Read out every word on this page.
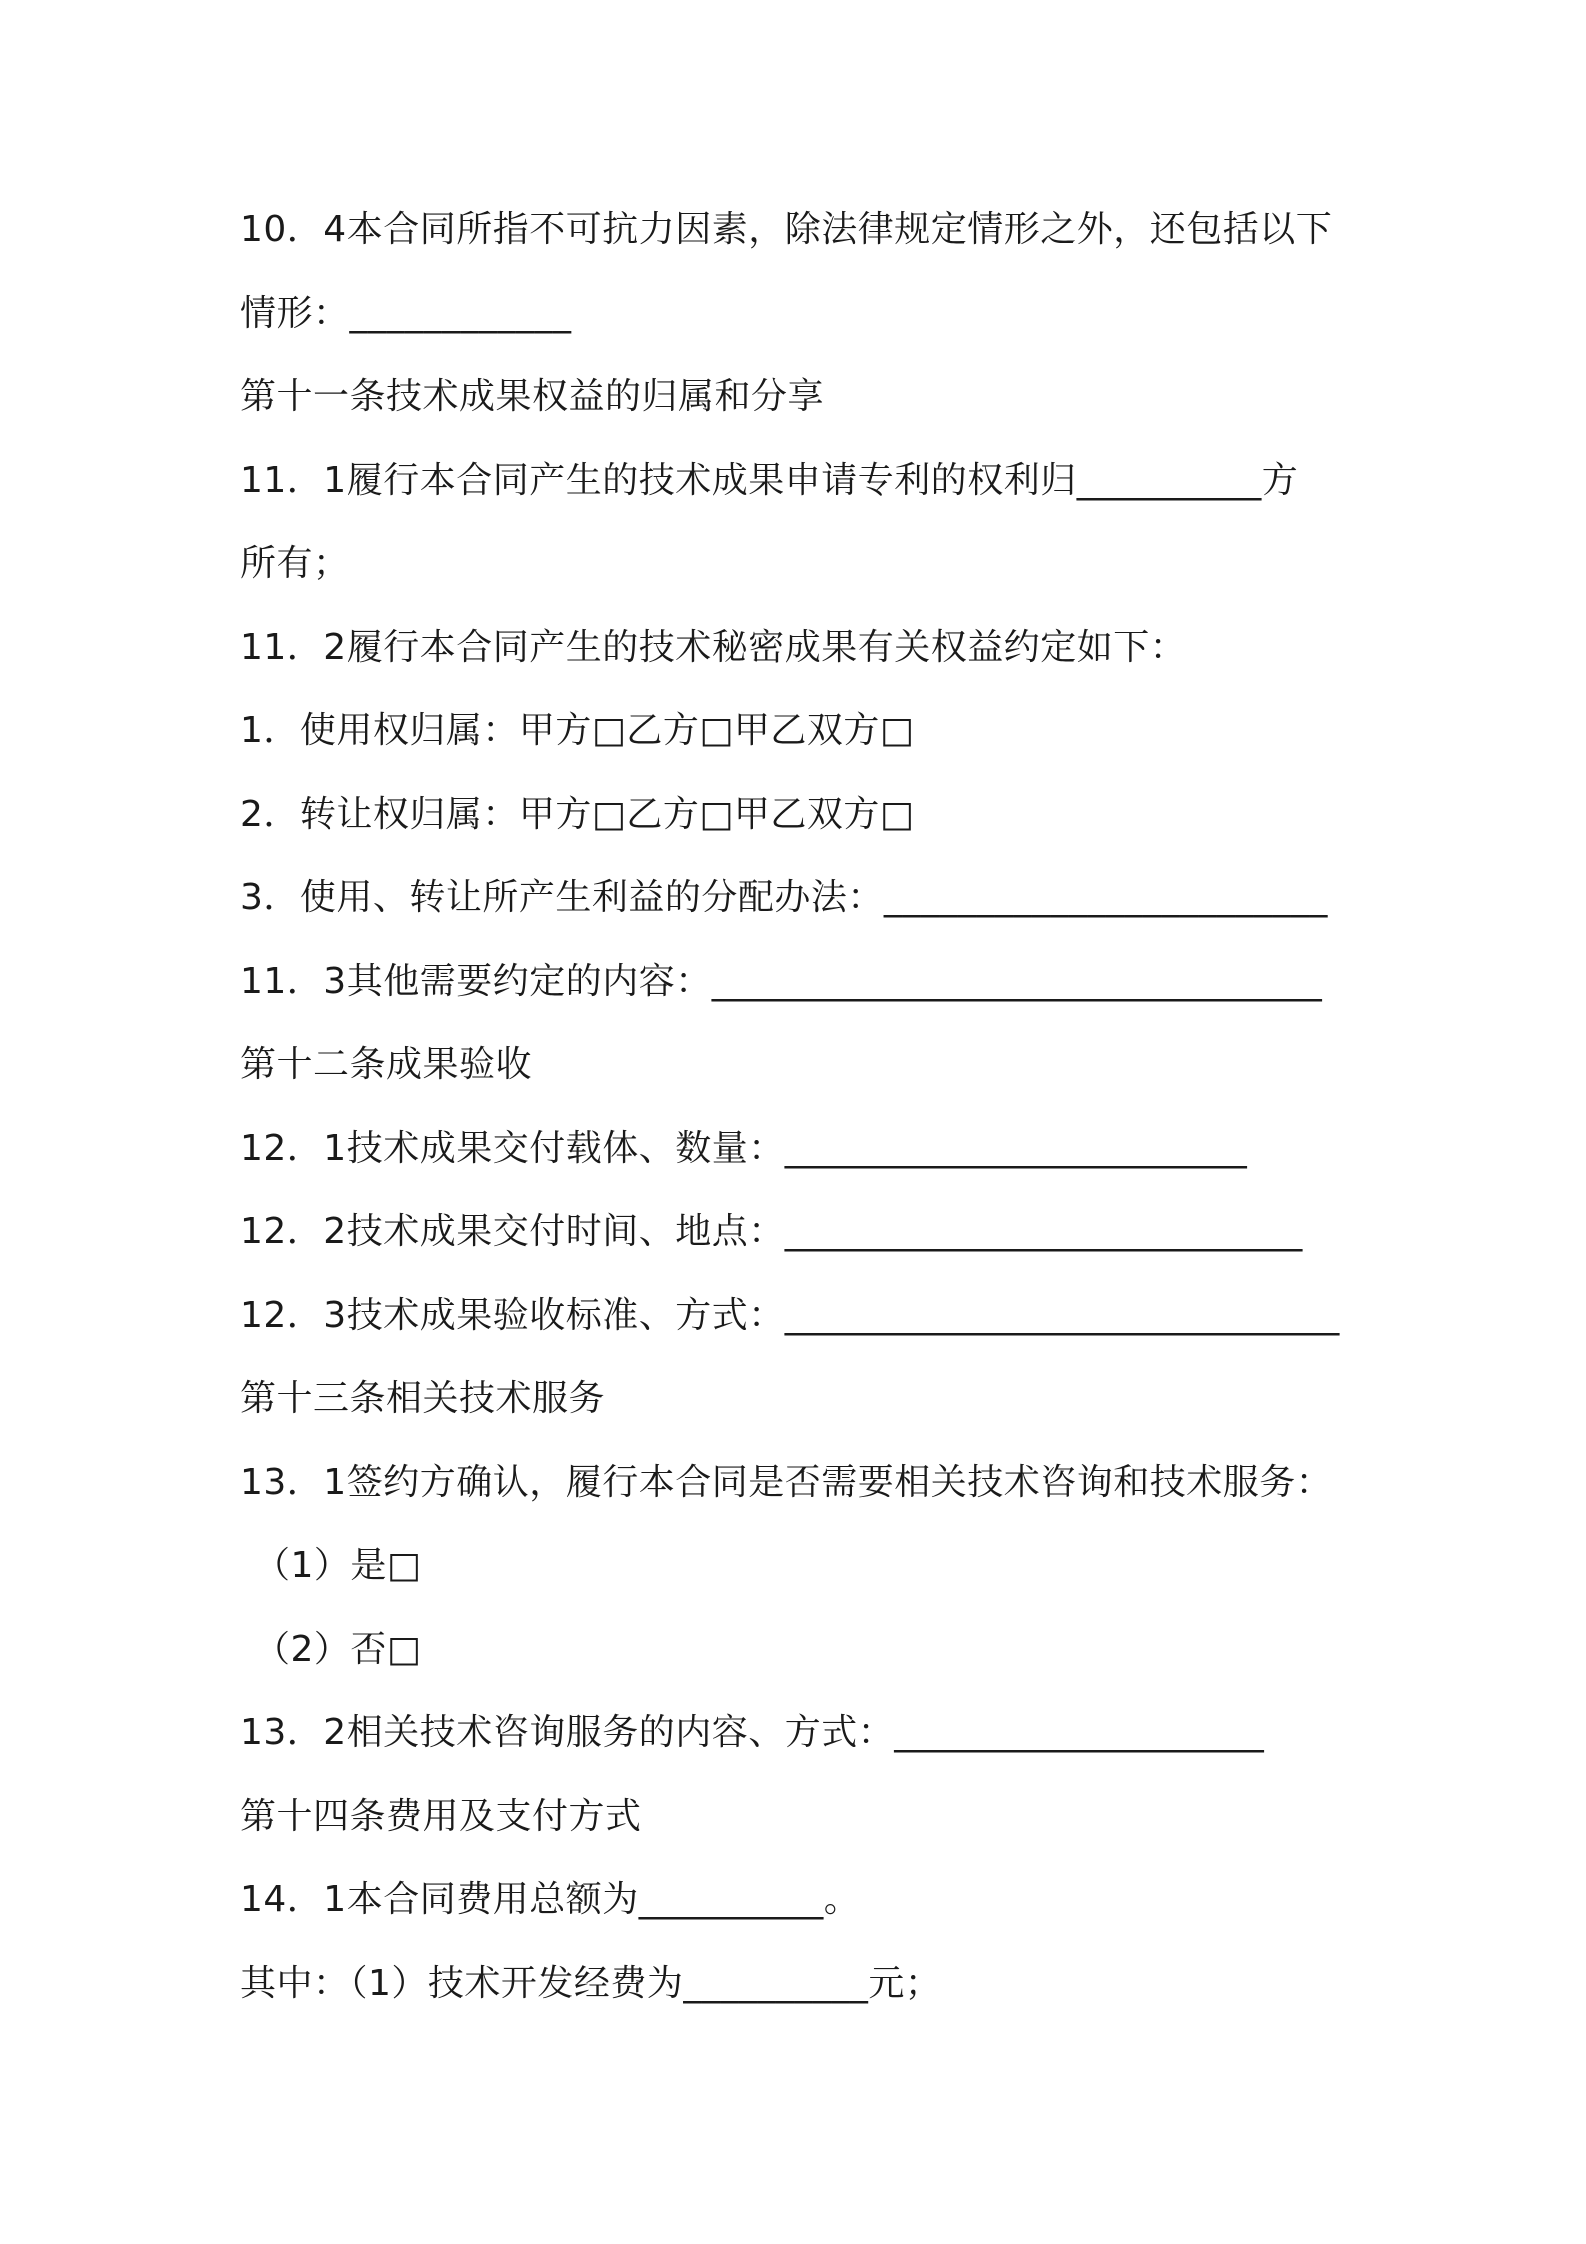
10．4本合同所指不可抗力因素，除法律规定情形之外，还包括以下
情形：____________
第十一条技术成果权益的归属和分享
11．1履行本合同产生的技术成果申请专利的权利归__________方
所有；
11．2履行本合同产生的技术秘密成果有关权益约定如下：
1．使用权归属：甲方□乙方□甲乙双方□
2．转让权归属：甲方□乙方□甲乙双方□
3．使用、转让所产生利益的分配办法：________________________
11．3其他需要约定的内容：_________________________________
第十二条成果验收
12．1技术成果交付载体、数量：_________________________
12．2技术成果交付时间、地点：____________________________
12．3技术成果验收标准、方式：______________________________
第十三条相关技术服务
13．1签约方确认，履行本合同是否需要相关技术咨询和技术服务：
（1）是□
（2）否□
13．2相关技术咨询服务的内容、方式：____________________
第十四条费用及支付方式
14．1本合同费用总额为__________。
其中：（1）技术开发经费为__________元；
